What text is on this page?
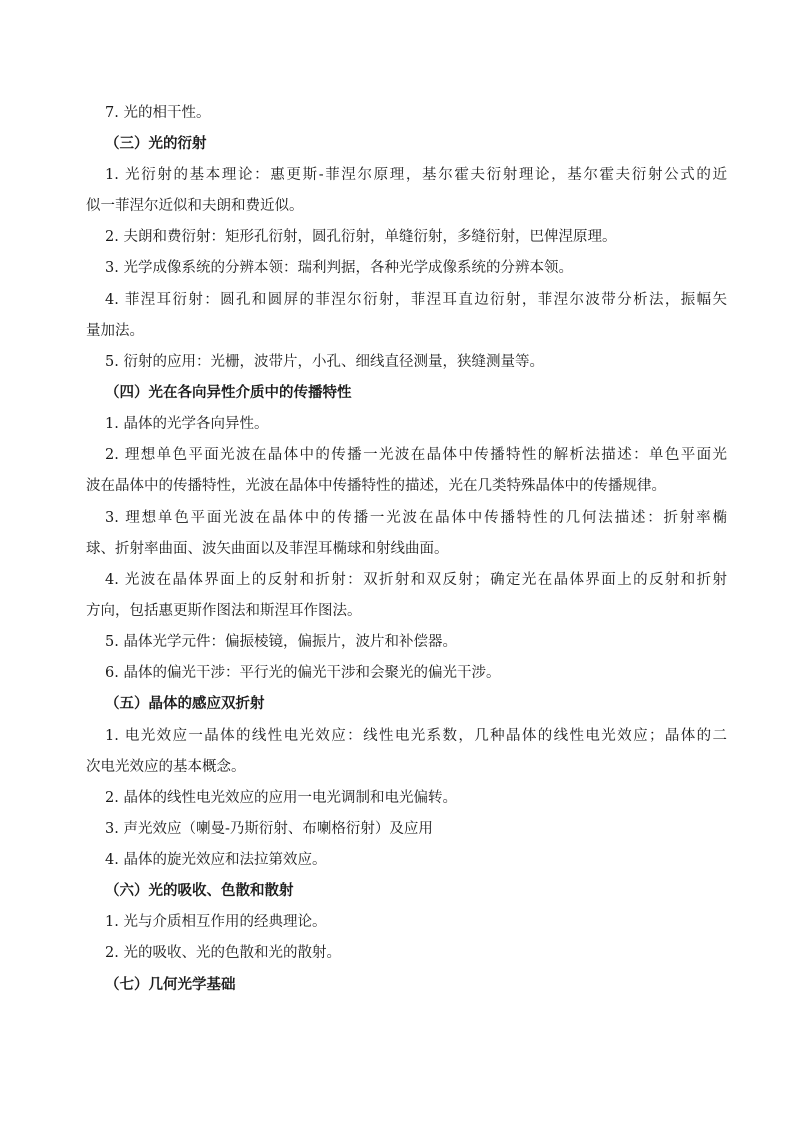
7. 光的相干性。
（三）光的衍射
1. 光衍射的基本理论：惠更斯-菲涅尔原理，基尔霍夫衍射理论，基尔霍夫衍射公式的近
似一菲涅尔近似和夫朗和费近似。
2. 夫朗和费衍射：矩形孔衍射，圆孔衍射，单缝衍射，多缝衍射，巴俾涅原理。
3. 光学成像系统的分辨本领：瑞利判据，各种光学成像系统的分辨本领。
4. 菲涅耳衍射：圆孔和圆屏的菲涅尔衍射，菲涅耳直边衍射，菲涅尔波带分析法，振幅矢
量加法。
5. 衍射的应用：光栅，波带片，小孔、细线直径测量，狭缝测量等。
（四）光在各向异性介质中的传播特性
1. 晶体的光学各向异性。
2. 理想单色平面光波在晶体中的传播一光波在晶体中传播特性的解析法描述：单色平面光
波在晶体中的传播特性，光波在晶体中传播特性的描述，光在几类特殊晶体中的传播规律。
3. 理想单色平面光波在晶体中的传播一光波在晶体中传播特性的几何法描述：折射率椭
球、折射率曲面、波矢曲面以及菲涅耳椭球和射线曲面。
4. 光波在晶体界面上的反射和折射：双折射和双反射；确定光在晶体界面上的反射和折射
方向，包括惠更斯作图法和斯涅耳作图法。
5. 晶体光学元件：偏振棱镜，偏振片，波片和补偿器。
6. 晶体的偏光干涉：平行光的偏光干涉和会聚光的偏光干涉。
（五）晶体的感应双折射
1. 电光效应一晶体的线性电光效应：线性电光系数，几种晶体的线性电光效应；晶体的二
次电光效应的基本概念。
2. 晶体的线性电光效应的应用一电光调制和电光偏转。
3. 声光效应（喇曼-乃斯衍射、布喇格衍射）及应用
4. 晶体的旋光效应和法拉第效应。
（六）光的吸收、色散和散射
1. 光与介质相互作用的经典理论。
2. 光的吸收、光的色散和光的散射。
（七）几何光学基础
